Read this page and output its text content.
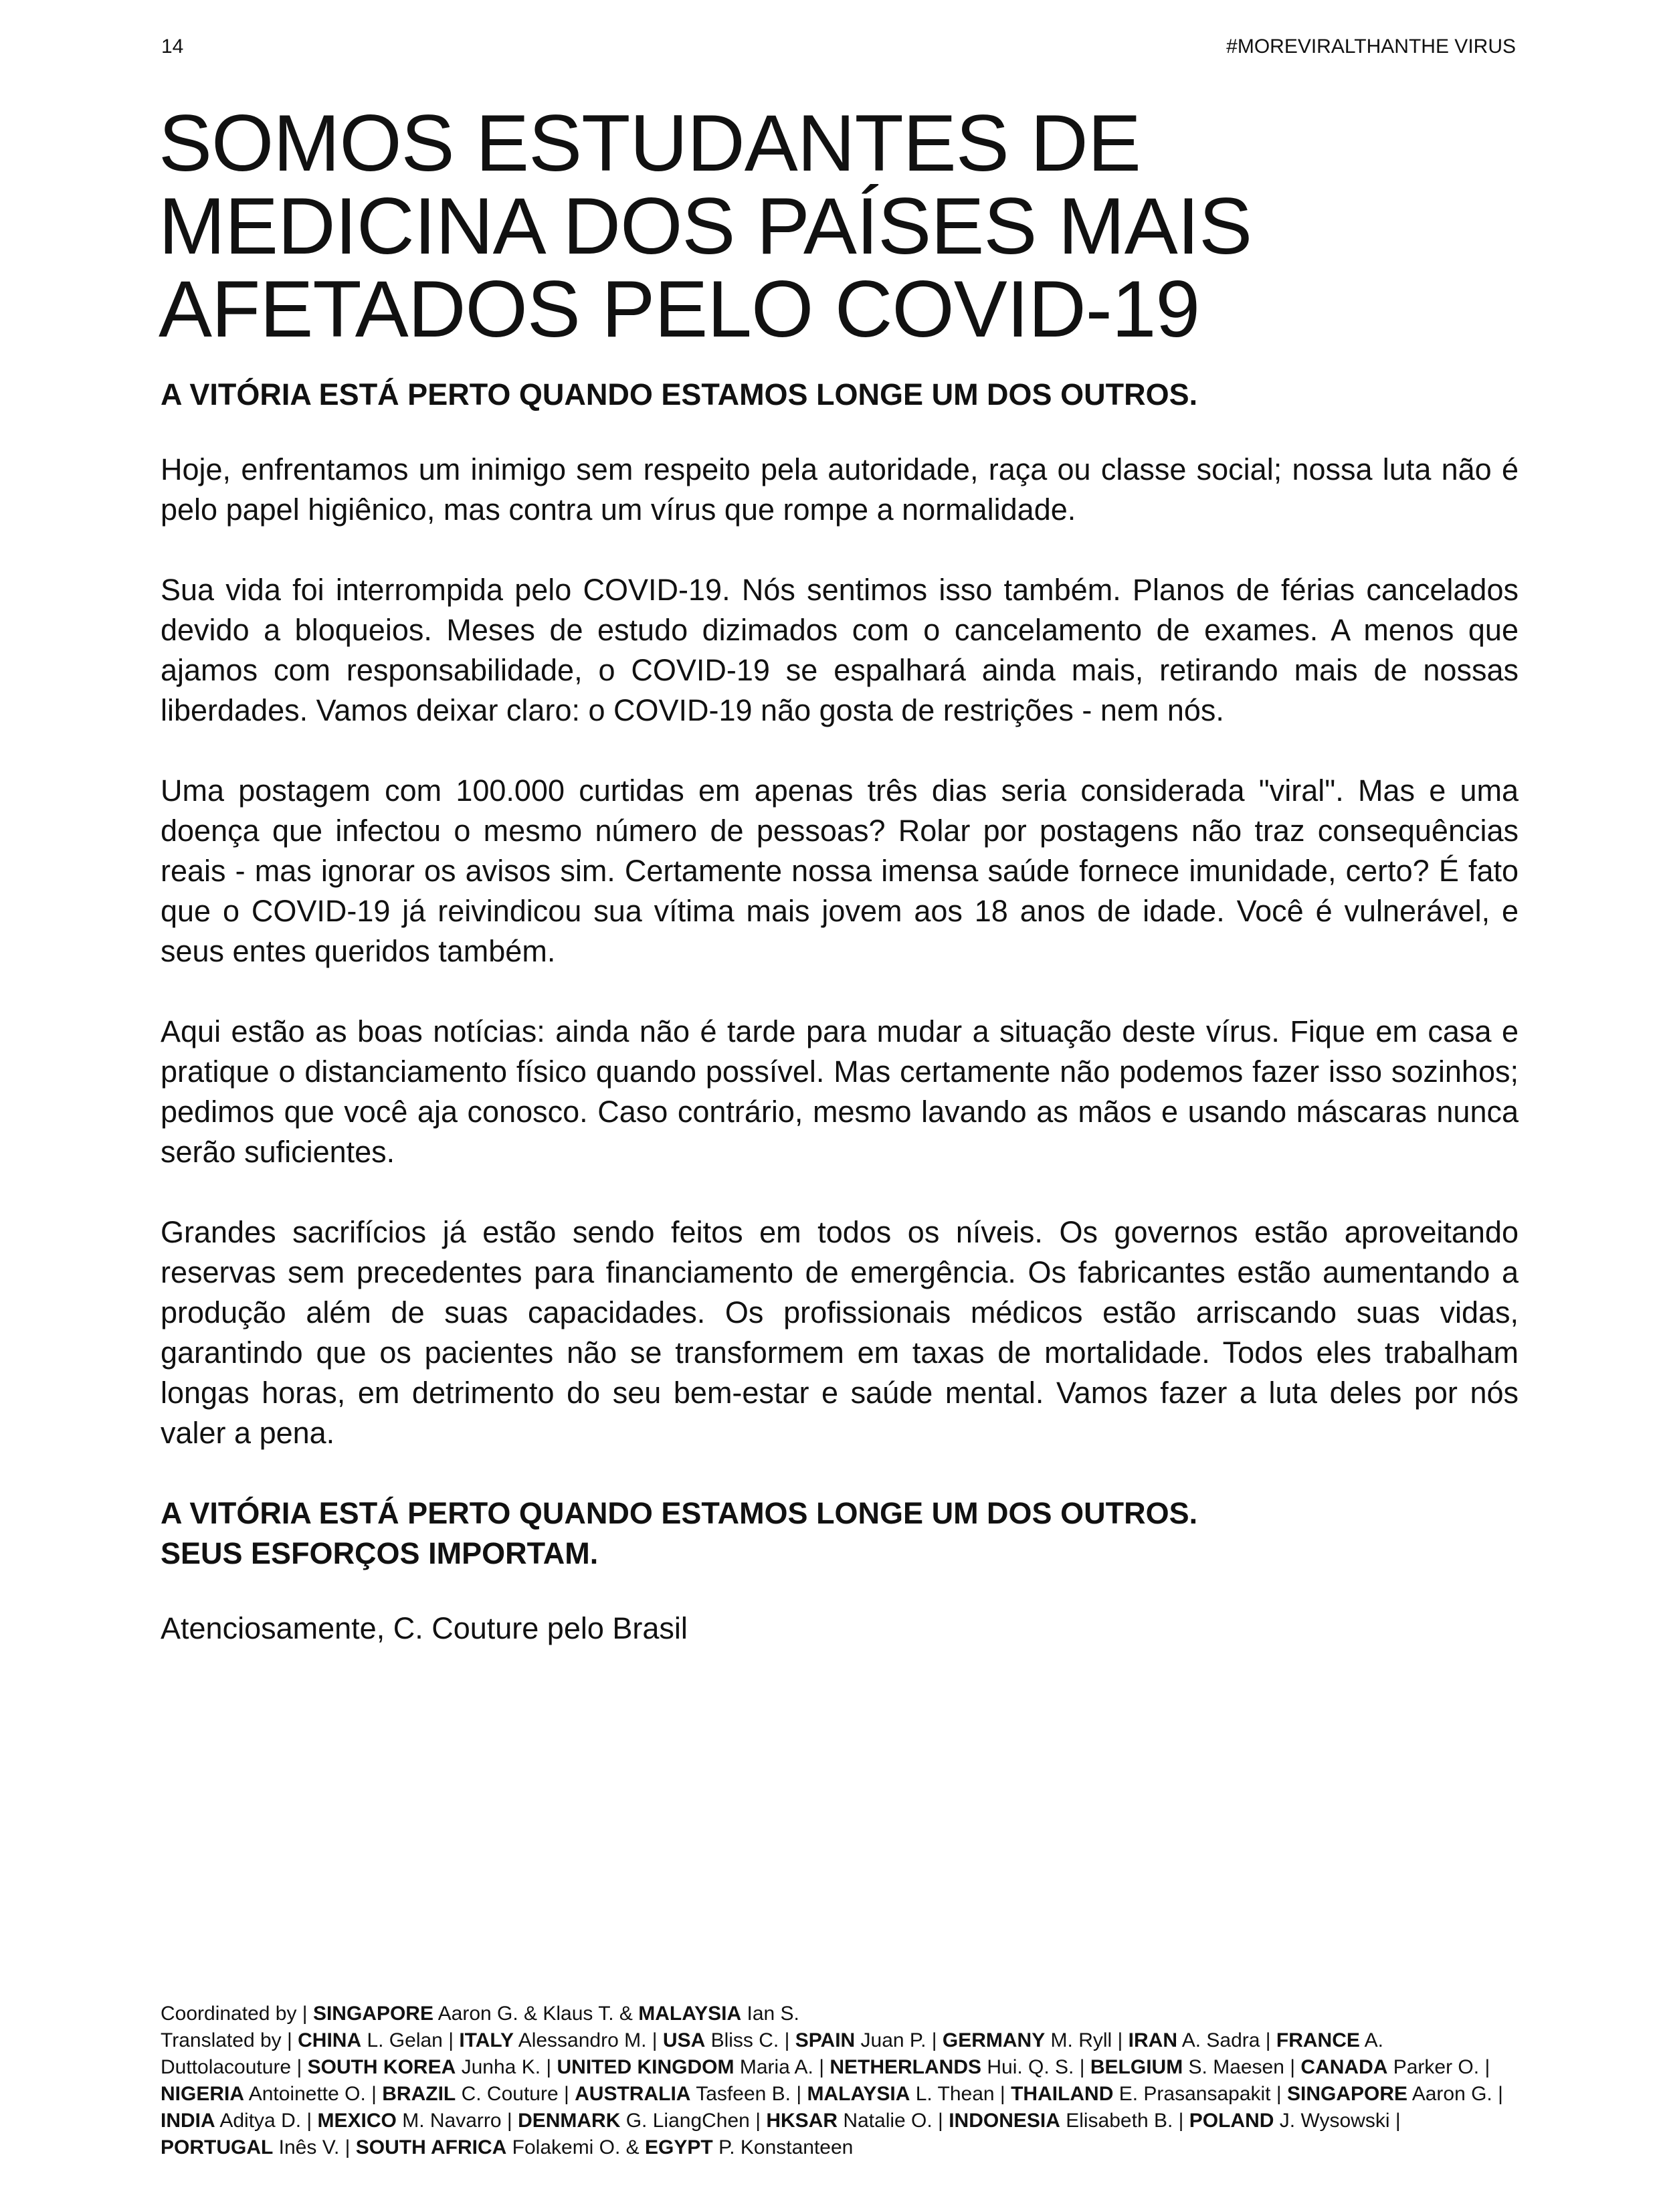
14	#MOREVIRALTHANTHE VIRUS
SOMOS ESTUDANTES DE
MEDICINA DOS PAÍSES MAIS
AFETADOS PELO COVID-19

A VITÓRIA ESTÁ PERTO QUANDO ESTAMOS LONGE UM DOS OUTROS.

Hoje, enfrentamos um inimigo sem respeito pela autoridade, raça ou classe social; nossa luta não é pelo papel higiênico, mas contra um vírus que rompe a normalidade.

Sua vida foi interrompida pelo COVID-19. Nós sentimos isso também. Planos de férias cancelados devido a bloqueios. Meses de estudo dizimados com o cancelamento de exames. A menos que ajamos com responsabilidade, o COVID-19 se espalhará ainda mais, retirando mais de nossas liberdades. Vamos deixar claro: o COVID-19 não gosta de restrições - nem nós.

Uma postagem com 100.000 curtidas em apenas três dias seria considerada "viral". Mas e uma doença que infectou o mesmo número de pessoas? Rolar por postagens não traz consequências reais - mas ignorar os avisos sim. Certamente nossa imensa saúde fornece imunidade, certo? É fato que o COVID-19 já reivindicou sua vítima mais jovem aos 18 anos de idade. Você é vulnerável, e seus entes queridos também.

Aqui estão as boas notícias: ainda não é tarde para mudar a situação deste vírus. Fique em casa e pratique o distanciamento físico quando possível. Mas certamente não podemos fazer isso sozinhos; pedimos que você aja conosco. Caso contrário, mesmo lavando as mãos e usando máscaras nunca serão suficientes.

Grandes sacrifícios já estão sendo feitos em todos os níveis. Os governos estão aproveitando reservas sem precedentes para financiamento de emergência. Os fabricantes estão aumentando a produção além de suas capacidades. Os profissionais médicos estão arriscando suas vidas, garantindo que os pacientes não se transformem em taxas de mortalidade. Todos eles trabalham longas horas, em detrimento do seu bem-estar e saúde mental. Vamos fazer a luta deles por nós valer a pena.

A VITÓRIA ESTÁ PERTO QUANDO ESTAMOS LONGE UM DOS OUTROS.
SEUS ESFORÇOS IMPORTAM.

Atenciosamente, C. Couture pelo Brasil

Coordinated by | SINGAPORE Aaron G. & Klaus T. & MALAYSIA Ian S.

Translated by | CHINA L. Gelan | ITALY Alessandro M. | USA Bliss C. | SPAIN Juan P. | GERMANY M. Ryll | IRAN A. Sadra | FRANCE A. Duttolacouture | SOUTH KOREA Junha K. | UNITED KINGDOM Maria A. | NETHERLANDS Hui. Q. S. | BELGIUM S. Maesen | CANADA Parker O. | NIGERIA Antoinette O. | BRAZIL C. Couture | AUSTRALIA Tasfeen B. | MALAYSIA L. Thean | THAILAND E. Prasansapakit | SINGAPORE Aaron G. | INDIA Aditya D. | MEXICO M. Navarro | DENMARK G. LiangChen | HKSAR Natalie O. | INDONESIA Elisabeth B. | POLAND J. Wysowski | PORTUGAL Inês V. | SOUTH AFRICA Folakemi O. & EGYPT P. Konstanteen
